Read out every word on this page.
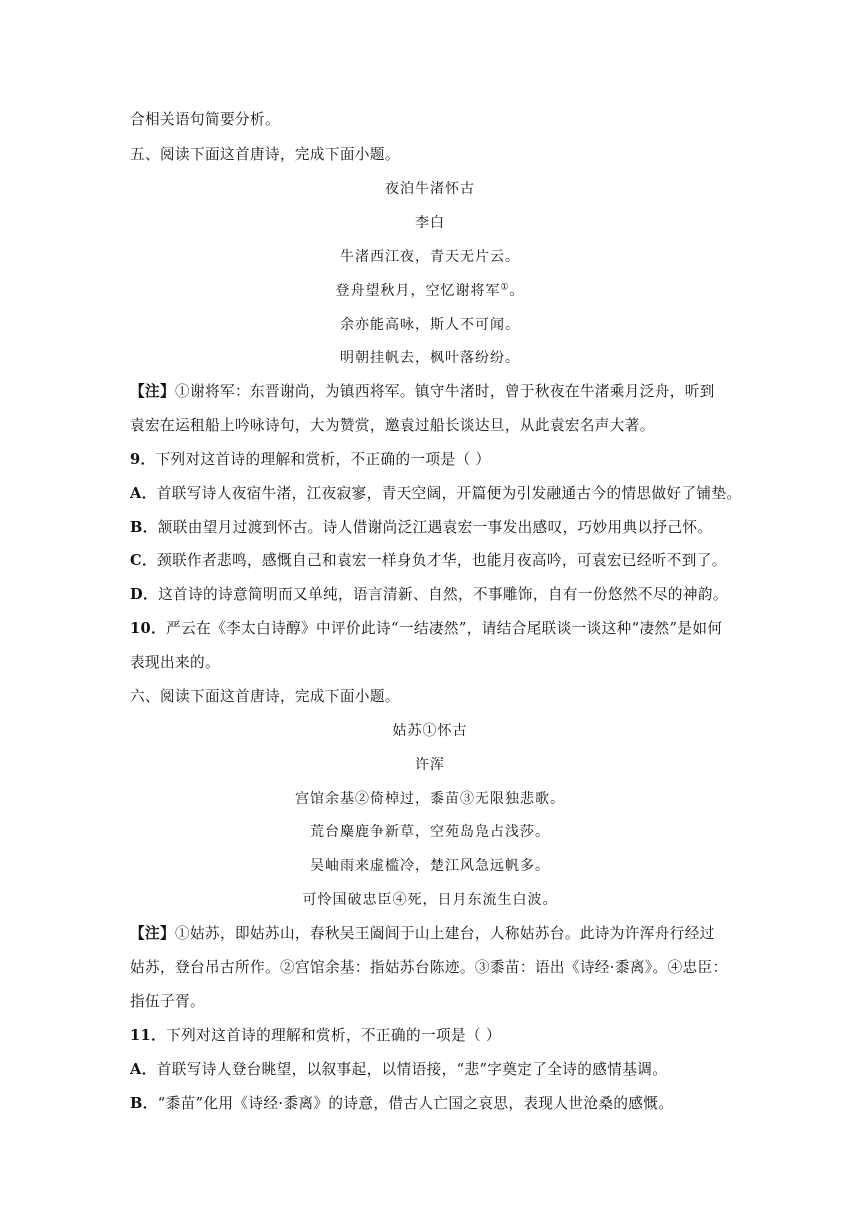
合相关语句简要分析。
五、阅读下面这首唐诗，完成下面小题。
夜泊牛渚怀古
李白
牛渚西江夜，青天无片云。
登舟望秋月，空忆谢将军①。
余亦能高咏，斯人不可闻。
明朝挂帆去，枫叶落纷纷。
【注】①谢将军：东晋谢尚，为镇西将军。镇守牛渚时，曾于秋夜在牛渚乘月泛舟，听到
袁宏在运租船上吟咏诗句，大为赞赏，邀袁过船长谈达旦，从此袁宏名声大著。
9．下列对这首诗的理解和赏析，不正确的一项是（ ）
A．首联写诗人夜宿牛渚，江夜寂寥，青天空阔，开篇便为引发融通古今的情思做好了铺垫。
B．颔联由望月过渡到怀古。诗人借谢尚泛江遇袁宏一事发出感叹，巧妙用典以抒己怀。
C．颈联作者悲鸣，感慨自己和袁宏一样身负才华，也能月夜高吟，可袁宏已经听不到了。
D．这首诗的诗意简明而又单纯，语言清新、自然，不事雕饰，自有一份悠然不尽的神韵。
10．严云在《李太白诗醇》中评价此诗“一结凄然”，请结合尾联谈一谈这种“凄然”是如何
表现出来的。
六、阅读下面这首唐诗，完成下面小题。
姑苏①怀古
许浑
宫馆余基②倚棹过，黍苗③无限独悲歌。
荒台麋鹿争新草，空苑岛凫占浅莎。
吴岫雨来虚槛冷，楚江风急远帆多。
可怜国破忠臣④死，日月东流生白波。
【注】①姑苏，即姑苏山，春秋吴王阖闾于山上建台，人称姑苏台。此诗为许浑舟行经过
姑苏，登台吊古所作。②宫馆余基：指姑苏台陈迹。③黍苗：语出《诗经·黍离》。④忠臣：
指伍子胥。
11．下列对这首诗的理解和赏析，不正确的一项是（ ）
A．首联写诗人登台眺望，以叙事起，以情语接，“悲”字奠定了全诗的感情基调。
B．“黍苗”化用《诗经·黍离》的诗意，借古人亡国之哀思，表现人世沧桑的感慨。
